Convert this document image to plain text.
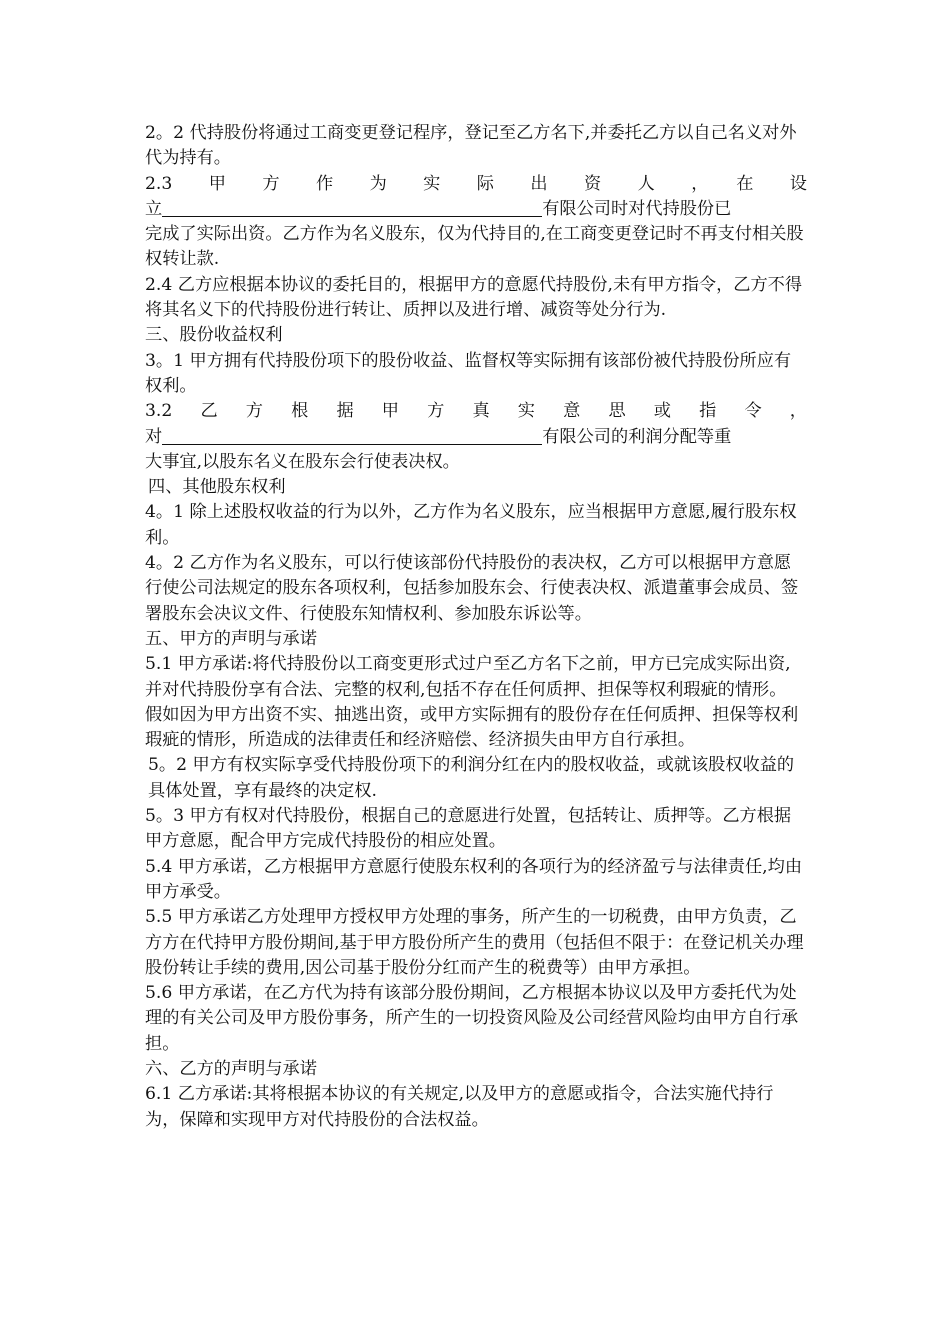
2。2 代持股份将通过工商变更登记程序，登记至乙方名下,并委托乙方以自己名义对外代为持有。

2.3　甲　方　作　为　实　际　出　资　人　，　在　设

立	有限公司时对代持股份已

完成了实际出资。乙方作为名义股东，仅为代持目的,在工商变更登记时不再支付相关股权转让款.

2.4 乙方应根据本协议的委托目的，根据甲方的意愿代持股份,未有甲方指令，乙方不得将其名义下的代持股份进行转让、质押以及进行增、减资等处分行为.

三、股份收益权利

3。1 甲方拥有代持股份项下的股份收益、监督权等实际拥有该部份被代持股份所应有权利。

3.2　乙　方　根　据　甲　方　真　实　意　思　或　指　令　，

对	有限公司的利润分配等重

大事宜,以股东名义在股东会行使表决权。

四、其他股东权利

4。1 除上述股权收益的行为以外，乙方作为名义股东，应当根据甲方意愿,履行股东权利。

4。2 乙方作为名义股东，可以行使该部份代持股份的表决权，乙方可以根据甲方意愿行使公司法规定的股东各项权利，包括参加股东会、行使表决权、派遣董事会成员、签署股东会决议文件、行使股东知情权利、参加股东诉讼等。

五、甲方的声明与承诺

5.1 甲方承诺:将代持股份以工商变更形式过户至乙方名下之前，甲方已完成实际出资,并对代持股份享有合法、完整的权利,包括不存在任何质押、担保等权利瑕疵的情形。 假如因为甲方出资不实、抽逃出资，或甲方实际拥有的股份存在任何质押、担保等权利瑕疵的情形，所造成的法律责任和经济赔偿、经济损失由甲方自行承担。

5。2 甲方有权实际享受代持股份项下的利润分红在内的股权收益，或就该股权收益的具体处置，享有最终的决定权.

5。3 甲方有权对代持股份，根据自己的意愿进行处置，包括转让、质押等。乙方根据甲方意愿，配合甲方完成代持股份的相应处置。

5.4 甲方承诺，乙方根据甲方意愿行使股东权利的各项行为的经济盈亏与法律责任,均由甲方承受。

5.5 甲方承诺乙方处理甲方授权甲方处理的事务，所产生的一切税费，由甲方负责，乙方方在代持甲方股份期间,基于甲方股份所产生的费用（包括但不限于：在登记机关办理股份转让手续的费用,因公司基于股份分红而产生的税费等）由甲方承担。

5.6 甲方承诺，在乙方代为持有该部分股份期间，乙方根据本协议以及甲方委托代为处理的有关公司及甲方股份事务，所产生的一切投资风险及公司经营风险均由甲方自行承担。

六、乙方的声明与承诺

6.1 乙方承诺:其将根据本协议的有关规定,以及甲方的意愿或指令，合法实施代持行为，保障和实现甲方对代持股份的合法权益。
